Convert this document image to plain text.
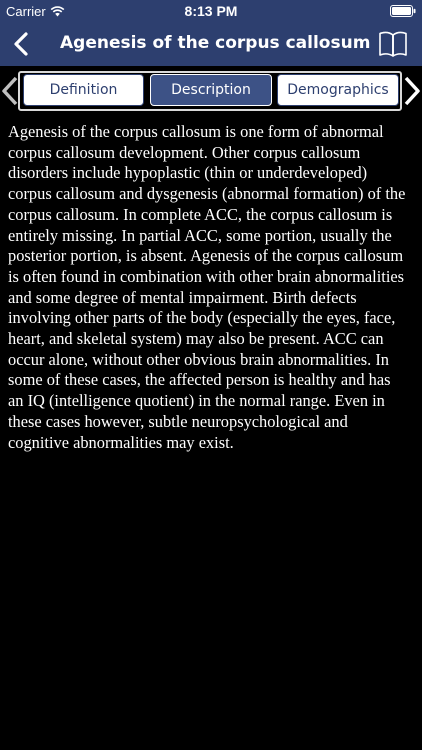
Carrier	8:13 PM
Agenesis of the corpus callosum
Definition	Description	Demographics
Agenesis of the corpus callosum is one form of abnormal corpus callosum development. Other corpus callosum disorders include hypoplastic (thin or underdeveloped) corpus callosum and dysgenesis (abnormal formation) of the corpus callosum. In complete ACC, the corpus callosum is entirely missing. In partial ACC, some portion, usually the posterior portion, is absent. Agenesis of the corpus callosum is often found in combination with other brain abnormalities and some degree of mental impairment. Birth defects involving other parts of the body (especially the eyes, face, heart, and skeletal system) may also be present. ACC can occur alone, without other obvious brain abnormalities. In some of these cases, the affected person is healthy and has an IQ (intelligence quotient) in the normal range. Even in these cases however, subtle neuropsychological and cognitive abnormalities may exist.
